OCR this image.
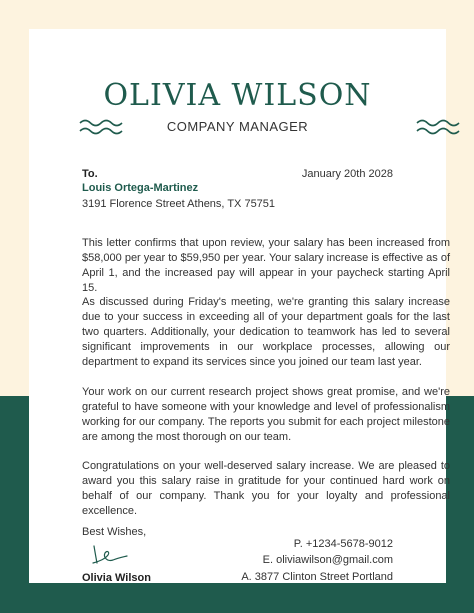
OLIVIA WILSON
COMPANY MANAGER
To.	January 20th 2028
Louis Ortega-Martinez
3191 Florence Street Athens, TX 75751

This letter confirms that upon review, your salary has been increased from $58,000 per year to $59,950 per year. Your salary increase is effective as of April 1, and the increased pay will appear in your paycheck starting April 15.

As discussed during Friday's meeting, we're granting this salary increase due to your success in exceeding all of your department goals for the last two quarters. Additionally, your dedication to teamwork has led to several significant improvements in our workplace processes, allowing our department to expand its services since you joined our team last year.

Your work on our current research project shows great promise, and we're grateful to have someone with your knowledge and level of professionalism working for our company. The reports you submit for each project milestone are among the most thorough on our team.

Congratulations on your well-deserved salary increase. We are pleased to award you this salary raise in gratitude for your continued hard work on behalf of our company. Thank you for your loyalty and professional excellence.

Best Wishes,
Olivia Wilson
P. +1234-5678-9012
E. oliviawilson@gmail.com
A. 3877 Clinton Street Portland
